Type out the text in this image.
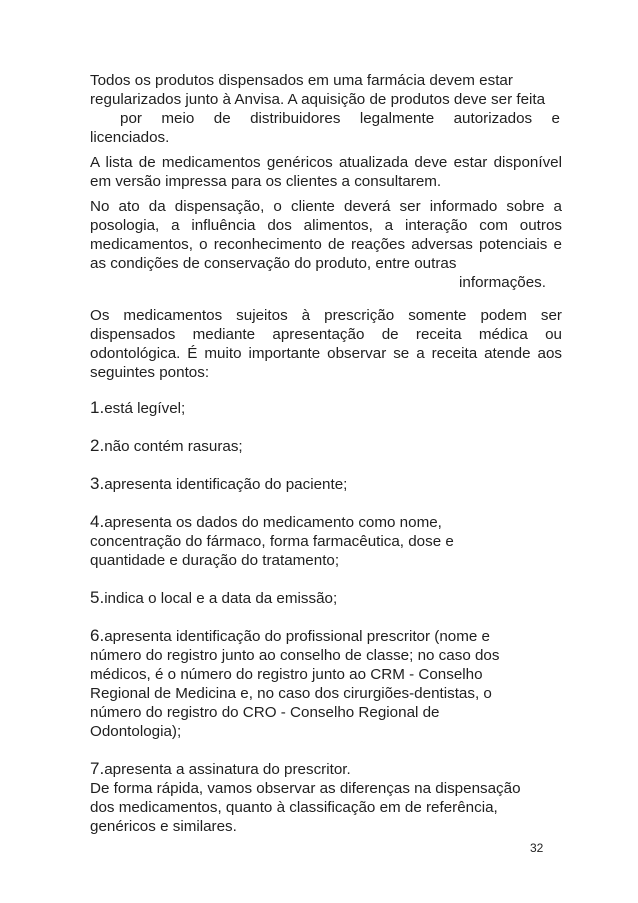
Todos os produtos dispensados em uma farmácia devem estar
regularizados junto à Anvisa. A aquisição de produtos deve ser feita
por meio de distribuidores legalmente autorizados e
licenciados.

A lista de medicamentos genéricos atualizada deve estar disponível em versão impressa para os clientes a consultarem.

No ato da dispensação, o cliente deverá ser informado sobre a posologia, a influência dos alimentos, a interação com outros medicamentos, o reconhecimento de reações adversas potenciais e as condições de conservação do produto, entre outras

informações.

Os medicamentos sujeitos à prescrição somente podem ser dispensados mediante apresentação de receita médica ou odontológica. É muito importante observar se a receita atende aos seguintes pontos:

1.está legível;

2.não contém rasuras;

3.apresenta identificação do paciente;

4.apresenta os dados do medicamento como nome, concentração do fármaco, forma farmacêutica, dose e quantidade e duração do tratamento;

5.indica o local e a data da emissão;

6.apresenta identificação do profissional prescritor (nome e número do registro junto ao conselho de classe; no caso dos médicos, é o número do registro junto ao CRM - Conselho Regional de Medicina e, no caso dos cirurgiões-dentistas, o número do registro do CRO - Conselho Regional de Odontologia);

7.apresenta a assinatura do prescritor.

De forma rápida, vamos observar as diferenças na dispensação dos medicamentos, quanto à classificação em de referência, genéricos e similares.

32
